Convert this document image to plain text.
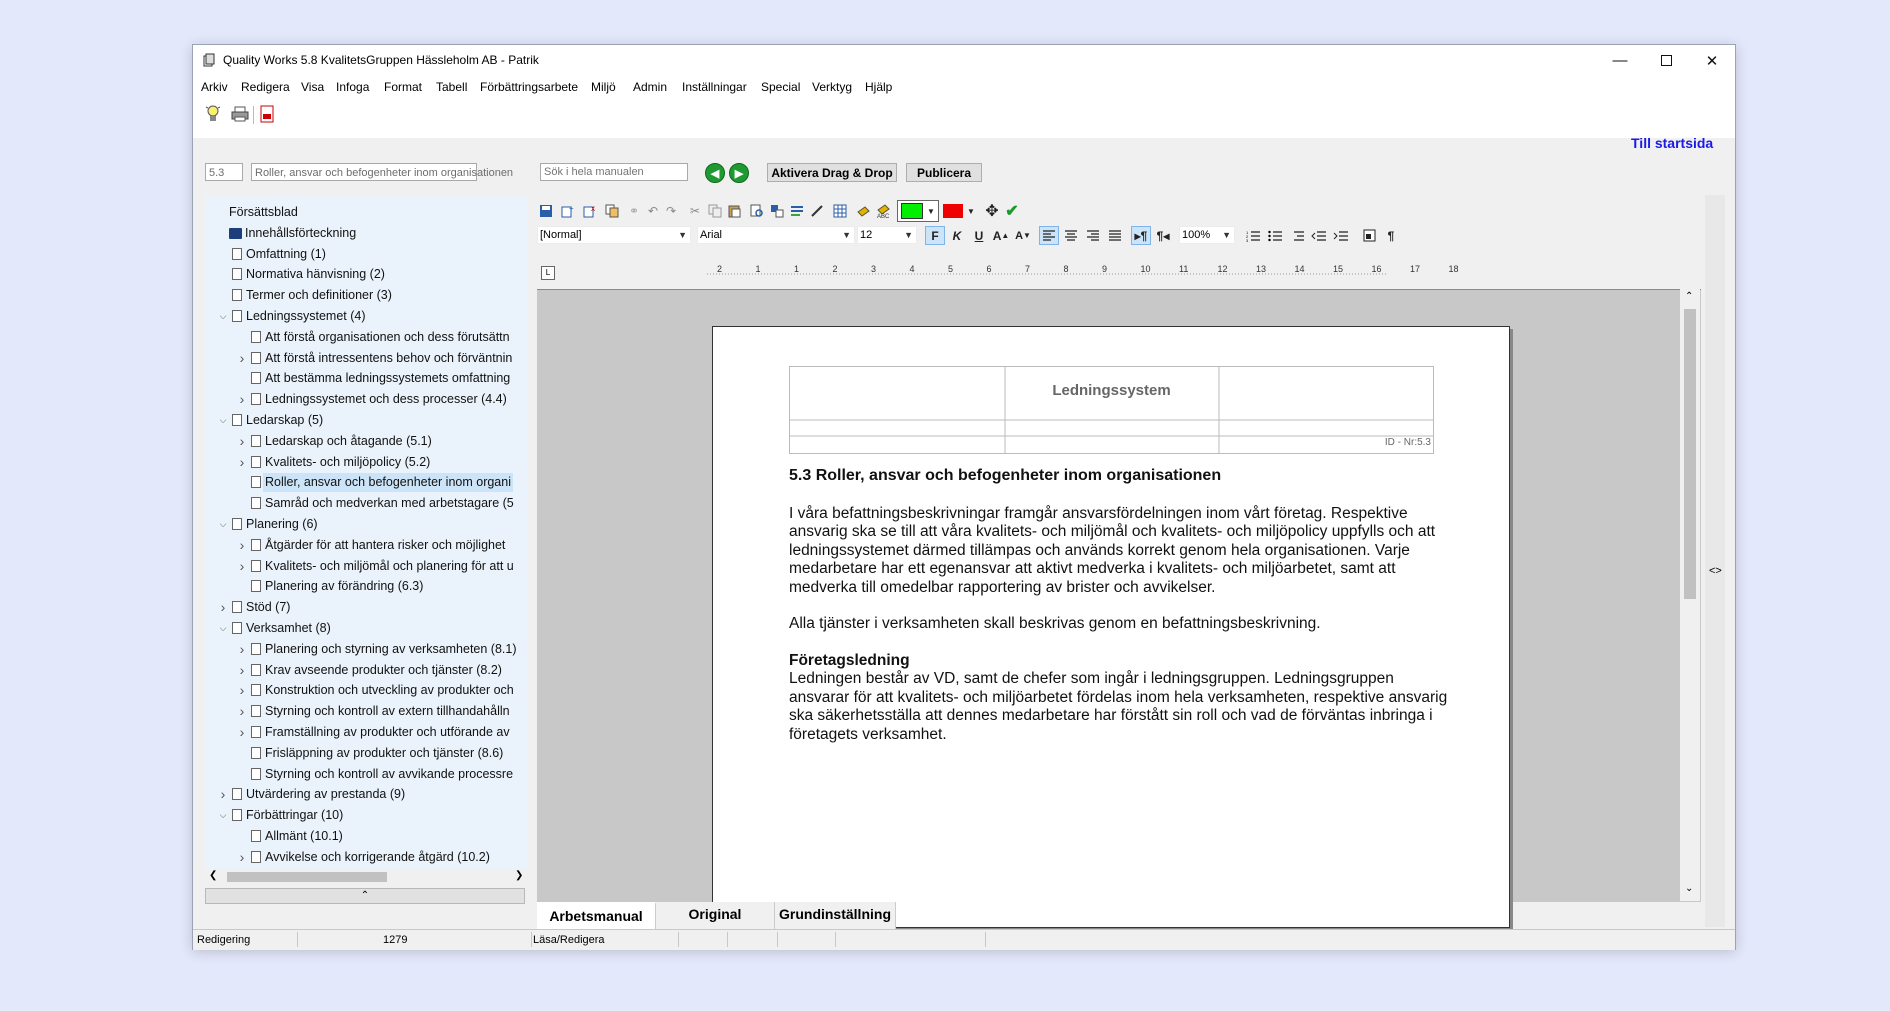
Quality Works 5.8 KvalitetsGruppen Hässleholm AB - Patrik	—	✕
Arkiv Redigera Visa Infoga Format Tabell Förbättringsarbete Miljö Admin Inställningar Special Verktyg Hjälp
Till startsida
5.3	Roller, ansvar och befogenheter inom organisationen
Sök i hela manualen	◀ ▶	Aktivera Drag & Drop	Publicera
Försättsblad
Innehållsförteckning
Omfattning (1)
Normativa hänvisning (2)
Termer och definitioner (3)
⌵ Ledningssystemet (4)
Att förstå organisationen och dess förutsättn
› Att förstå intressentens behov och förväntnin
Att bestämma ledningssystemets omfattning
› Ledningssystemet och dess processer (4.4)
⌵ Ledarskap (5)
› Ledarskap och åtagande (5.1)
› Kvalitets- och miljöpolicy (5.2)
Roller, ansvar och befogenheter inom organi
Samråd och medverkan med arbetstagare (5
⌵ Planering (6)
› Åtgärder för att hantera risker och möjlighet
› Kvalitets- och miljömål och planering för att u
Planering av förändring (6.3)
› Stöd (7)
⌵ Verksamhet (8)
› Planering och styrning av verksamheten (8.1)
› Krav avseende produkter och tjänster (8.2)
› Konstruktion och utveckling av produkter och
› Styrning och kontroll av extern tillhandahålln
› Framställning av produkter och utförande av
Frisläppning av produkter och tjänster (8.6)
Styrning och kontroll av avvikande processre
› Utvärdering av prestanda (9)
⌵ Förbättringar (10)
Allmänt (10.1)
› Avvikelse och korrigerande åtgärd (10.2)
❮	❯
⌃
+ x	⚭ ↶ ↷ ✂	ABC
▼	▼ ✥ ✔
[Normal]	▼ Arial	▼ 12	▼	F	K	U A ▲ A ▼	▸¶ ¶◂ 100% ▼	1
2
3	¶
L	2	1	1	2	3	4	5	6	7	8	9	10	11	12	13	14	15	16	17	18
Ledningssystem
ID - Nr:5.3

5.3 Roller, ansvar och befogenheter inom organisationen

I våra befattningsbeskrivningar framgår ansvarsfördelningen inom vårt företag. Respektive ansvarig ska se till att våra kvalitets- och miljömål och kvalitets- och miljöpolicy uppfylls och att ledningssystemet därmed tillämpas och används korrekt genom hela organisationen. Varje medarbetare har ett egenansvar att aktivt medverka i kvalitets- och miljöarbetet, samt att medverka till omedelbar rapportering av brister och avvikelser.

Alla tjänster i verksamheten skall beskrivas genom en befattningsbeskrivning.

Företagsledning

Ledningen består av VD, samt de chefer som ingår i ledningsgruppen. Ledningsgruppen ansvarar för att kvalitets- och miljöarbetet fördelas inom hela verksamheten, respektive ansvarig ska säkerhetsställa att dennes medarbetare har förstått sin roll och vad de förväntas inbringa i företagets verksamhet.

⌃
⌄
<>
Arbetsmanual	Original	Grundinställning
Redigering	1279	Läsa/Redigera
